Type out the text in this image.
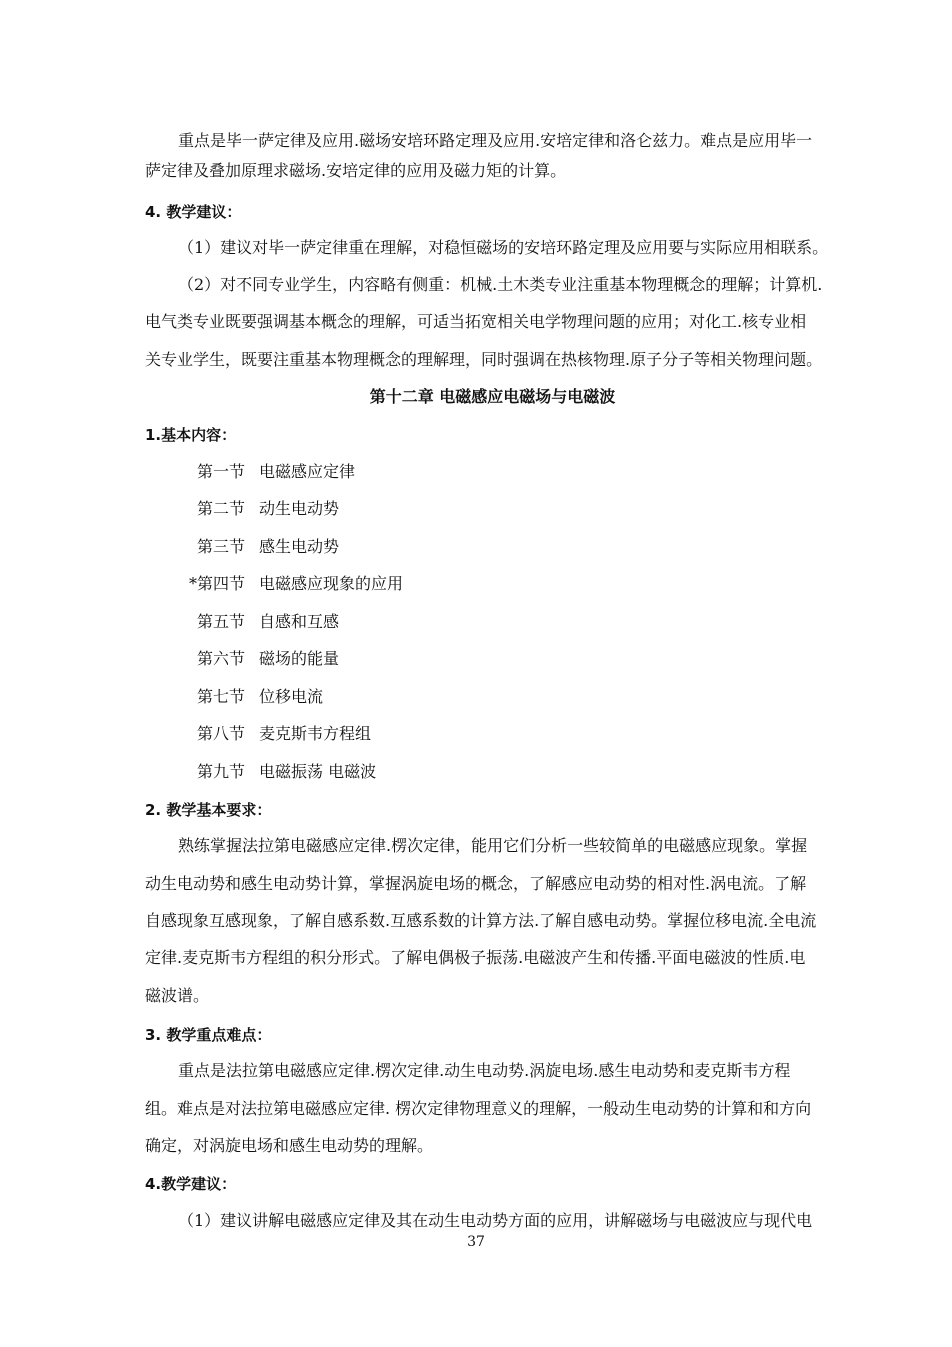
重点是毕一萨定律及应用.磁场安培环路定理及应用.安培定律和洛仑兹力。难点是应用毕一
萨定律及叠加原理求磁场.安培定律的应用及磁力矩的计算。
4. 教学建议：
（1）建议对毕一萨定律重在理解，对稳恒磁场的安培环路定理及应用要与实际应用相联系。
（2）对不同专业学生，内容略有侧重：机械.土木类专业注重基本物理概念的理解；计算机.
电气类专业既要强调基本概念的理解，可适当拓宽相关电学物理问题的应用；对化工.核专业相
关专业学生，既要注重基本物理概念的理解理，同时强调在热核物理.原子分子等相关物理问题。
第十二章 电磁感应电磁场与电磁波
1.基本内容：
第一节 电磁感应定律
第二节 动生电动势
第三节 感生电动势
*第四节 电磁感应现象的应用
第五节 自感和互感
第六节 磁场的能量
第七节 位移电流
第八节 麦克斯韦方程组
第九节 电磁振荡 电磁波
2. 教学基本要求：
熟练掌握法拉第电磁感应定律.楞次定律，能用它们分析一些较简单的电磁感应现象。掌握
动生电动势和感生电动势计算，掌握涡旋电场的概念，了解感应电动势的相对性.涡电流。了解
自感现象互感现象，了解自感系数.互感系数的计算方法.了解自感电动势。掌握位移电流.全电流
定律.麦克斯韦方程组的积分形式。了解电偶极子振荡.电磁波产生和传播.平面电磁波的性质.电
磁波谱。
3. 教学重点难点：
重点是法拉第电磁感应定律.楞次定律.动生电动势.涡旋电场.感生电动势和麦克斯韦方程
组。难点是对法拉第电磁感应定律. 楞次定律物理意义的理解，一般动生电动势的计算和和方向
确定，对涡旋电场和感生电动势的理解。
4.教学建议：
（1）建议讲解电磁感应定律及其在动生电动势方面的应用，讲解磁场与电磁波应与现代电
37
